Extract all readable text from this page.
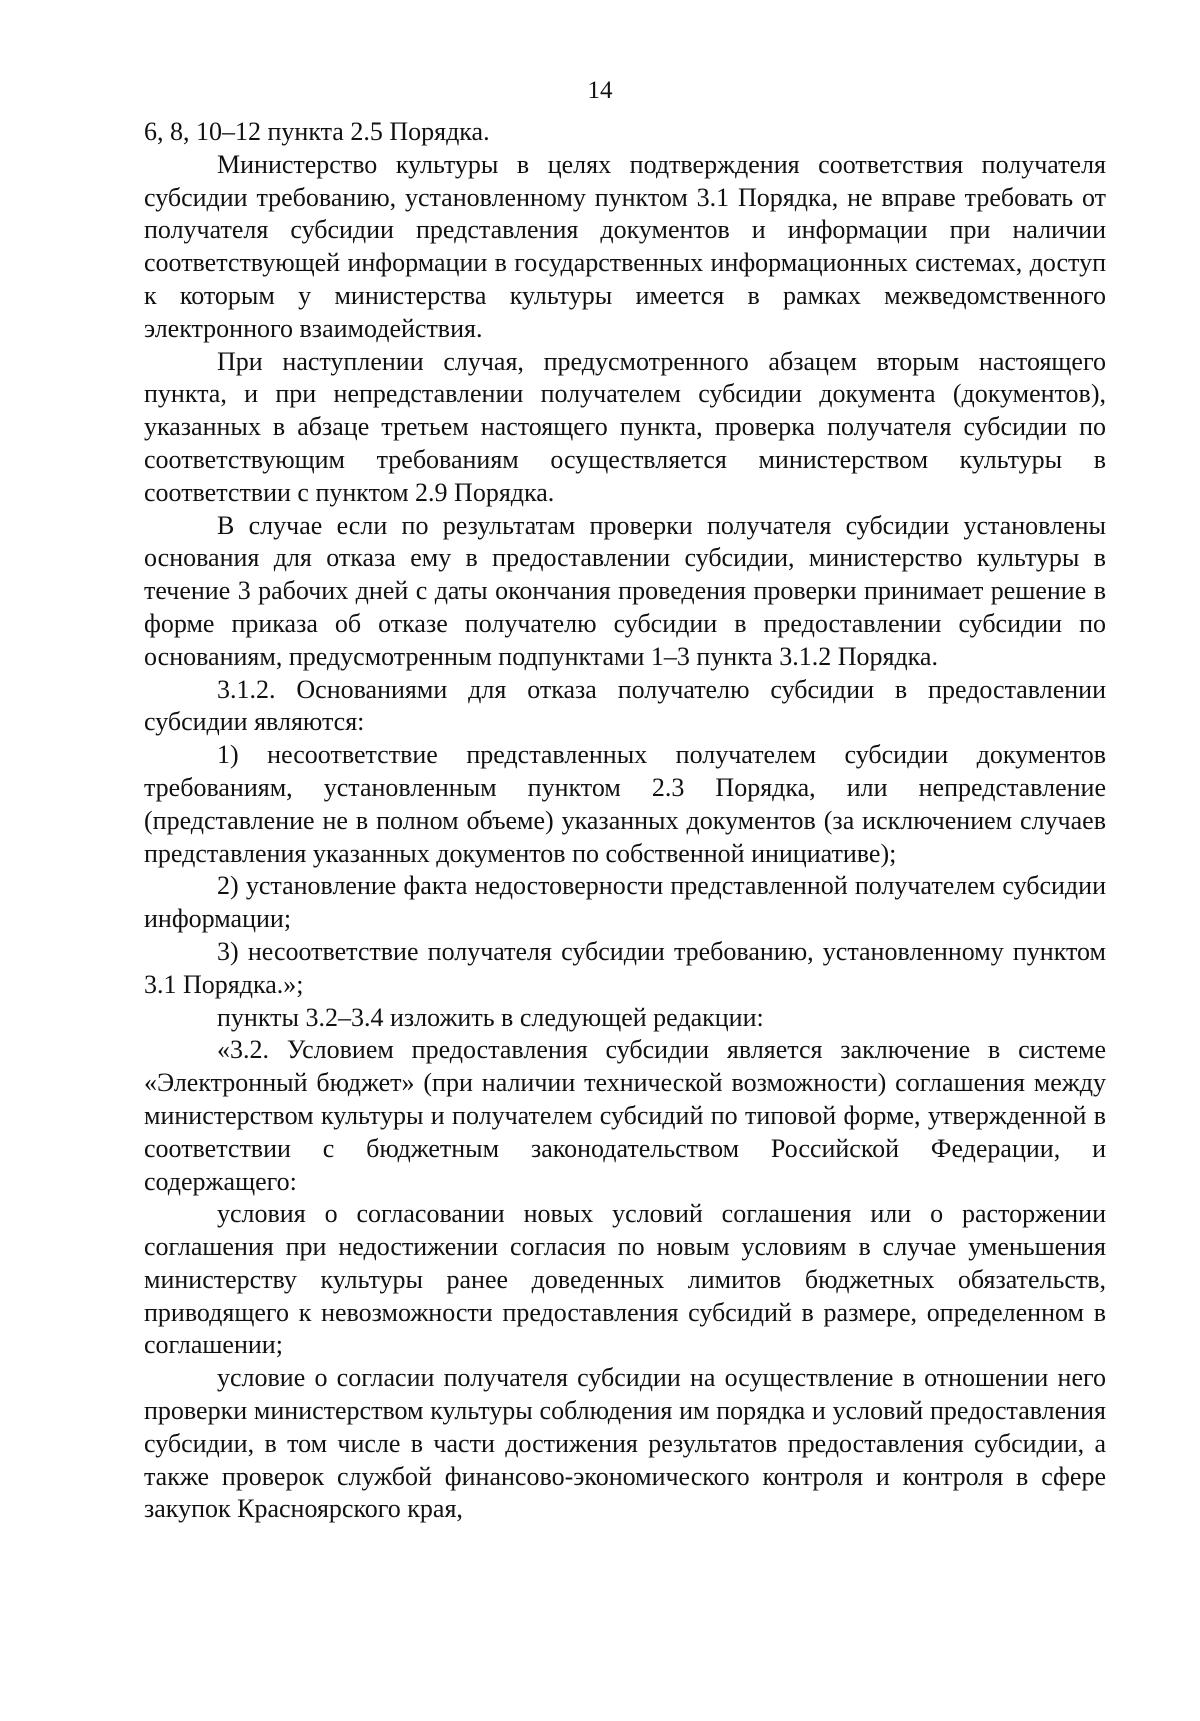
14

6, 8, 10–12 пункта 2.5 Порядка.

Министерство культуры в целях подтверждения соответствия получателя субсидии требованию, установленному пунктом 3.1 Порядка, не вправе требовать от получателя субсидии представления документов и информации при наличии соответствующей информации в государственных информационных системах, доступ к которым у министерства культуры имеется в рамках межведомственного электронного взаимодействия.

При наступлении случая, предусмотренного абзацем вторым настоящего пункта, и при непредставлении получателем субсидии документа (документов), указанных в абзаце третьем настоящего пункта, проверка получателя субсидии по соответствующим требованиям осуществляется министерством культуры в соответствии с пунктом 2.9 Порядка.

В случае если по результатам проверки получателя субсидии установлены основания для отказа ему в предоставлении субсидии, министерство культуры в течение 3 рабочих дней с даты окончания проведения проверки принимает решение в форме приказа об отказе получателю субсидии в предоставлении субсидии по основаниям, предусмотренным подпунктами 1–3 пункта 3.1.2 Порядка.

3.1.2. Основаниями для отказа получателю субсидии в предоставлении субсидии являются:

1) несоответствие представленных получателем субсидии документов требованиям, установленным пунктом 2.3 Порядка, или непредставление (представление не в полном объеме) указанных документов (за исключением случаев представления указанных документов по собственной инициативе);

2) установление факта недостоверности представленной получателем субсидии информации;

3) несоответствие получателя субсидии требованию, установленному пунктом 3.1 Порядка.»;

пункты 3.2–3.4 изложить в следующей редакции:

«3.2. Условием предоставления субсидии является заключение в системе «Электронный бюджет» (при наличии технической возможности) соглашения между министерством культуры и получателем субсидий по типовой форме, утвержденной в соответствии с бюджетным законодательством Российской Федерации, и содержащего:

условия о согласовании новых условий соглашения или о расторжении соглашения при недостижении согласия по новым условиям в случае уменьшения министерству культуры ранее доведенных лимитов бюджетных обязательств, приводящего к невозможности предоставления субсидий в размере, определенном в соглашении;

условие о согласии получателя субсидии на осуществление в отношении него проверки министерством культуры соблюдения им порядка и условий предоставления субсидии, в том числе в части достижения результатов предоставления субсидии, а также проверок службой финансово-экономического контроля и контроля в сфере закупок Красноярского края,
